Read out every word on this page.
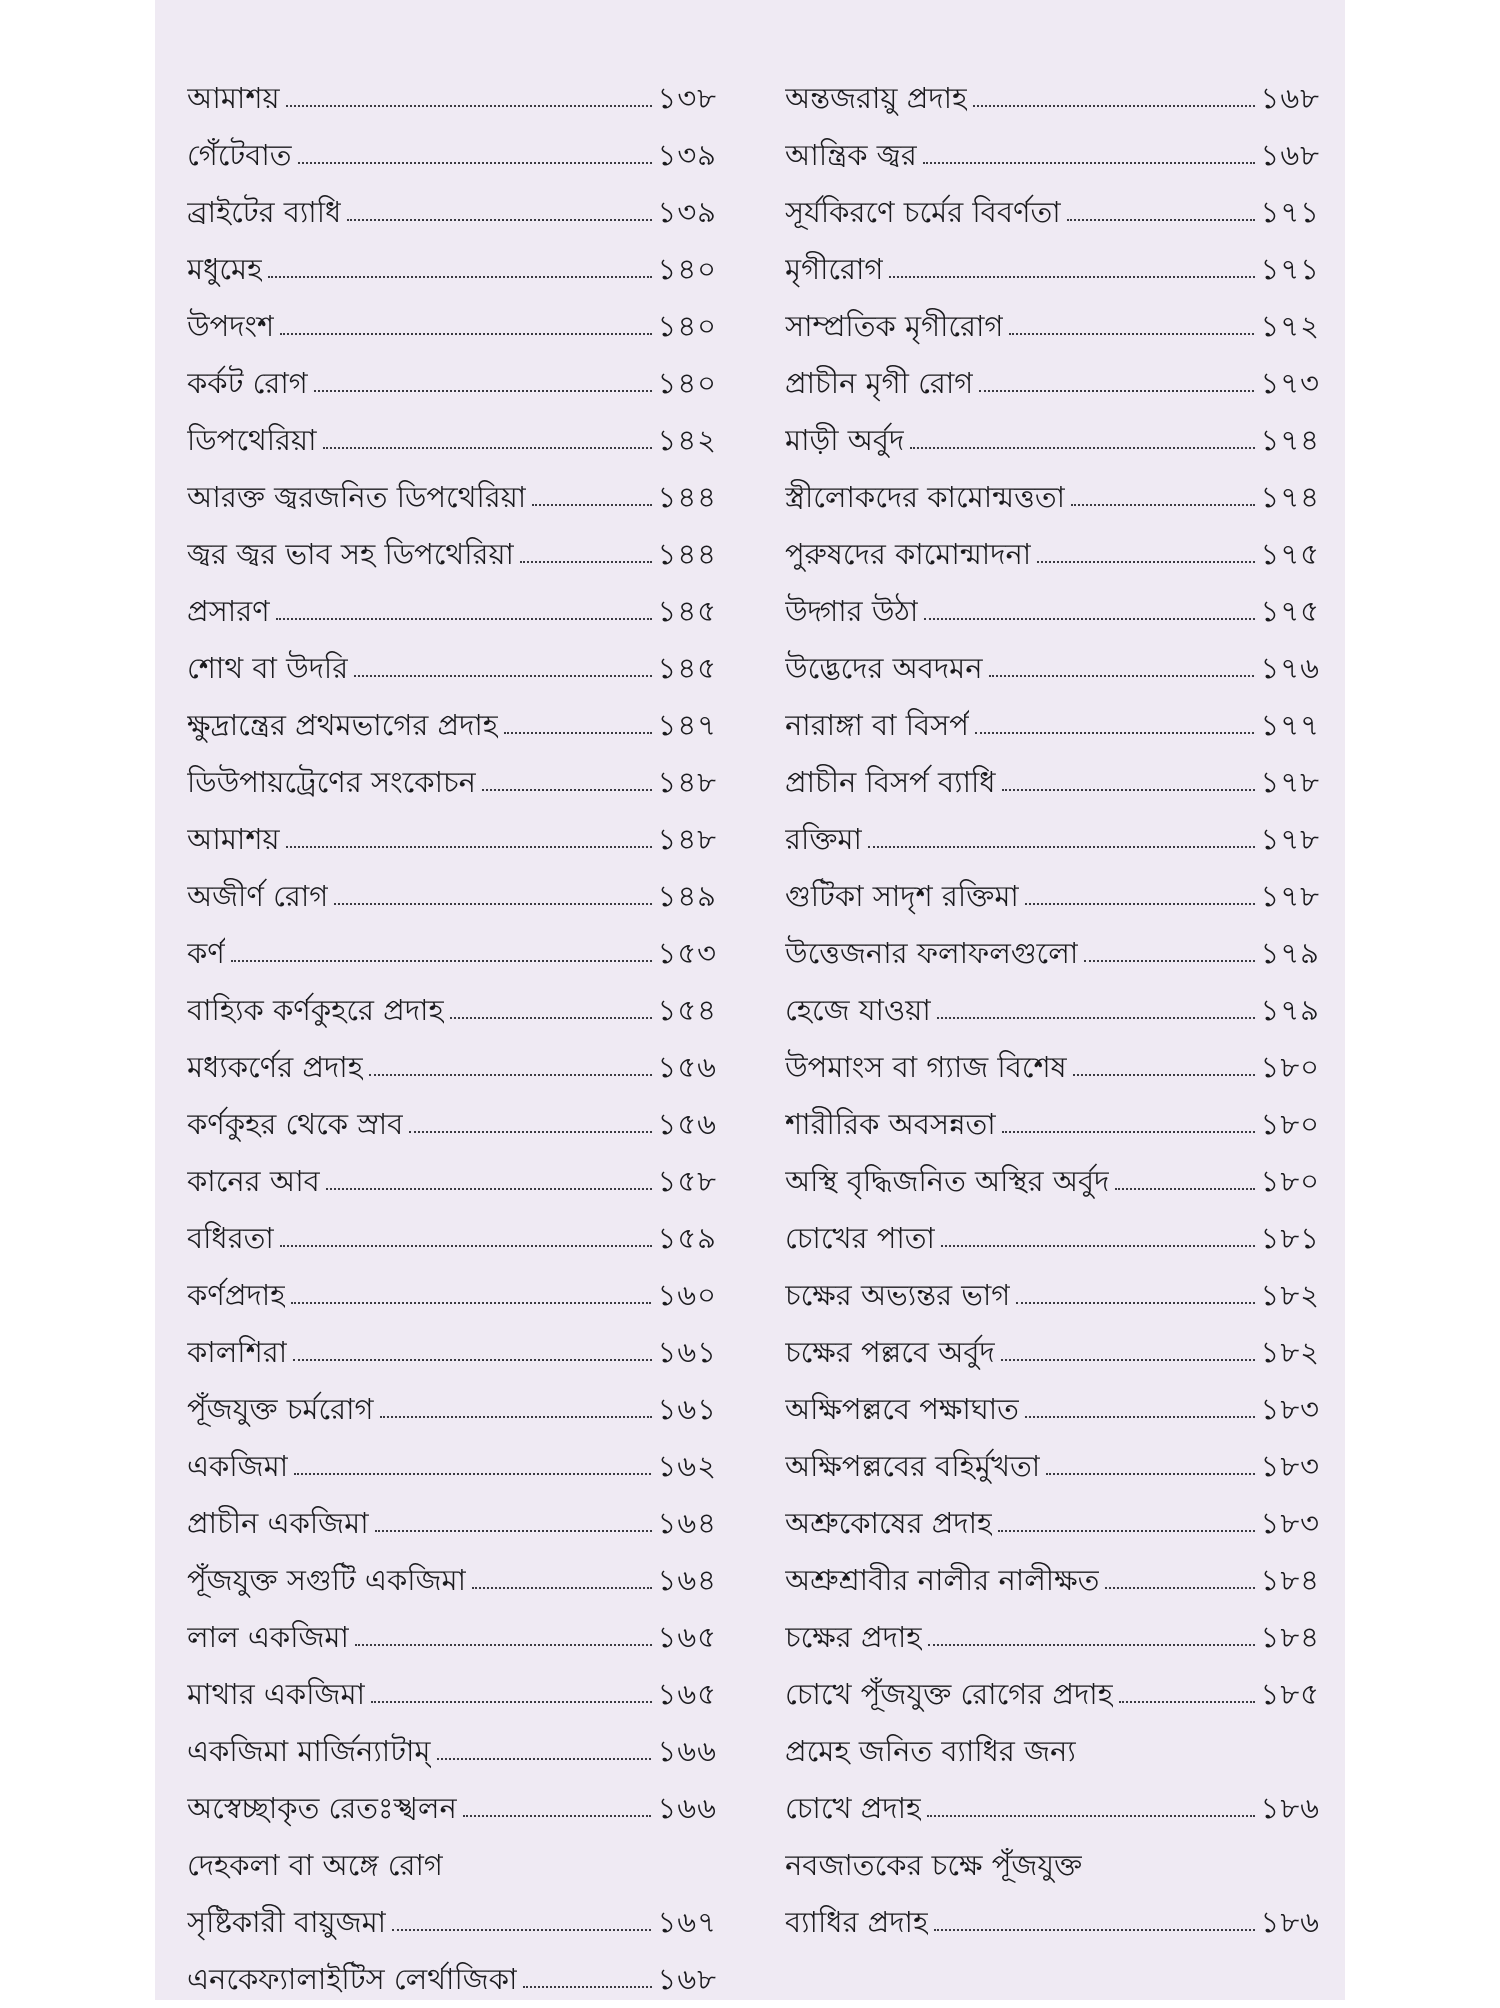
আমাশয়	১৩৮
গেঁটেবাত	১৩৯
ব্রাইটের ব্যাধি	১৩৯
মধুমেহ	১৪০
উপদংশ	১৪০
কর্কট রোগ	১৪০
ডিপথেরিয়া	১৪২
আরক্ত জ্বরজনিত ডিপথেরিয়া	১৪৪
জ্বর জ্বর ভাব সহ ডিপথেরিয়া	১৪৪
প্রসারণ	১৪৫
শোথ বা উদরি	১৪৫
ক্ষুদ্রান্ত্রের প্রথমভাগের প্রদাহ	১৪৭
ডিউপায়ট্রেণের সংকোচন	১৪৮
আমাশয়	১৪৮
অজীর্ণ রোগ	১৪৯
কর্ণ	১৫৩
বাহ্যিক কর্ণকুহরে প্রদাহ	১৫৪
মধ্যকর্ণের প্রদাহ	১৫৬
কর্ণকুহর থেকে স্রাব	১৫৬
কানের আব	১৫৮
বধিরতা	১৫৯
কর্ণপ্রদাহ	১৬০
কালশিরা	১৬১
পূঁজযুক্ত চর্মরোগ	১৬১
একজিমা	১৬২
প্রাচীন একজিমা	১৬৪
পূঁজযুক্ত সগুটি একজিমা	১৬৪
লাল একজিমা	১৬৫
মাথার একজিমা	১৬৫
একজিমা মার্জিন্যাটাম্	১৬৬
অস্বেচ্ছাকৃত রেতঃস্খলন	১৬৬
দেহকলা বা অঙ্গে রোগ
সৃষ্টিকারী বায়ুজমা	১৬৭
এনকেফ্যালাইটিস লের্থাজিকা	১৬৮
অন্তজরায়ু প্রদাহ	১৬৮
আন্ত্রিক জ্বর	১৬৮
সূর্যকিরণে চর্মের বিবর্ণতা	১৭১
মৃগীরোগ	১৭১
সাম্প্রতিক মৃগীরোগ	১৭২
প্রাচীন মৃগী রোগ	১৭৩
মাড়ী অর্বুদ	১৭৪
স্ত্রীলোকদের কামোন্মত্ততা	১৭৪
পুরুষদের কামোন্মাদনা	১৭৫
উদ্গার উঠা	১৭৫
উদ্ভেদের অবদমন	১৭৬
নারাঙ্গা বা বিসর্প	১৭৭
প্রাচীন বিসর্প ব্যাধি	১৭৮
রক্তিমা	১৭৮
গুটিকা সাদৃশ রক্তিমা	১৭৮
উত্তেজনার ফলাফলগুলো	১৭৯
হেজে যাওয়া	১৭৯
উপমাংস বা গ্যাজ বিশেষ	১৮০
শারীরিক অবসন্নতা	১৮০
অস্থি বৃদ্ধিজনিত অস্থির অর্বুদ	১৮০
চোখের পাতা	১৮১
চক্ষের অভ্যন্তর ভাগ	১৮২
চক্ষের পল্লবে অর্বুদ	১৮২
অক্ষিপল্লবে পক্ষাঘাত	১৮৩
অক্ষিপল্লবের বহির্মুখতা	১৮৩
অশ্রুকোষের প্রদাহ	১৮৩
অশ্রুশ্রাবীর নালীর নালীক্ষত	১৮৪
চক্ষের প্রদাহ	১৮৪
চোখে পূঁজযুক্ত রোগের প্রদাহ	১৮৫
প্রমেহ জনিত ব্যাধির জন্য
চোখে প্রদাহ	১৮৬
নবজাতকের চক্ষে পূঁজযুক্ত
ব্যাধির প্রদাহ	১৮৬
